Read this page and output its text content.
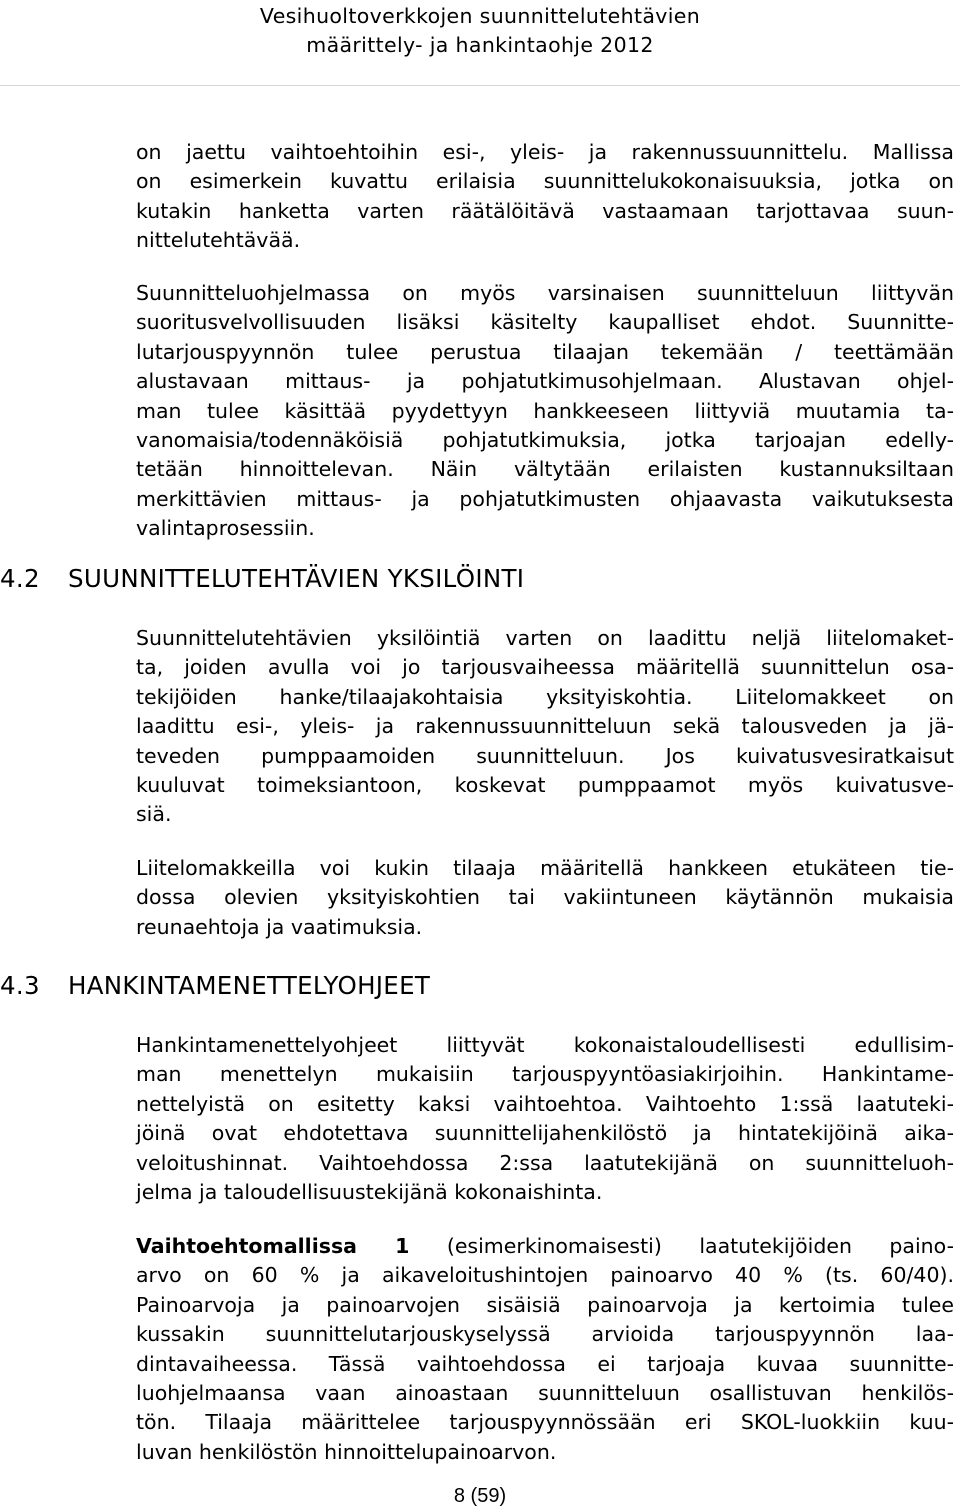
Vesihuoltoverkkojen suunnittelutehtävien
määrittely- ja hankintaohje 2012

on jaettu vaihtoehtoihin esi-, yleis- ja rakennussuunnittelu. Mallissa
on esimerkein kuvattu erilaisia suunnittelukokonaisuuksia, jotka on
kutakin hanketta varten räätälöitävä vastaamaan tarjottavaa suun-
nittelutehtävää.

Suunnitteluohjelmassa on myös varsinaisen suunnitteluun liittyvän
suoritusvelvollisuuden lisäksi käsitelty kaupalliset ehdot. Suunnitte-
lutarjouspyynnön tulee perustua tilaajan tekemään / teettämään
alustavaan mittaus- ja pohjatutkimusohjelmaan. Alustavan ohjel-
man tulee käsittää pyydettyyn hankkeeseen liittyviä muutamia ta-
vanomaisia/todennäköisiä pohjatutkimuksia, jotka tarjoajan edelly-
tetään hinnoittelevan. Näin vältytään erilaisten kustannuksiltaan
merkittävien mittaus- ja pohjatutkimusten ohjaavasta vaikutuksesta
valintaprosessiin.

4.2	SUUNNITTELUTEHTÄVIEN YKSILÖINTI

Suunnittelutehtävien yksilöintiä varten on laadittu neljä liitelomaket-
ta, joiden avulla voi jo tarjousvaiheessa määritellä suunnittelun osa-
tekijöiden hanke/tilaajakohtaisia yksityiskohtia. Liitelomakkeet on
laadittu esi-, yleis- ja rakennussuunnitteluun sekä talousveden ja jä-
teveden pumppaamoiden suunnitteluun. Jos kuivatusvesiratkaisut
kuuluvat toimeksiantoon, koskevat pumppaamot myös kuivatusve-
siä.

Liitelomakkeilla voi kukin tilaaja määritellä hankkeen etukäteen tie-
dossa olevien yksityiskohtien tai vakiintuneen käytännön mukaisia
reunaehtoja ja vaatimuksia.

4.3 HANKINTAMENETTELYOHJEET

Hankintamenettelyohjeet liittyvät kokonaistaloudellisesti edullisim-
man menettelyn mukaisiin tarjouspyyntöasiakirjoihin. Hankintame-
nettelyistä on esitetty kaksi vaihtoehtoa. Vaihtoehto 1:ssä laatuteki-
jöinä ovat ehdotettava suunnittelijahenkilöstö ja hintatekijöinä aika-
veloitushinnat. Vaihtoehdossa 2:ssa laatutekijänä on suunnitteluoh-
jelma ja taloudellisuustekijänä kokonaishinta.

Vaihtoehtomallissa 1 (esimerkinomaisesti) laatutekijöiden paino-
arvo on 60 % ja aikaveloitushintojen painoarvo 40 % (ts. 60/40).
Painoarvoja ja painoarvojen sisäisiä painoarvoja ja kertoimia tulee
kussakin suunnittelutarjouskyselyssä arvioida tarjouspyynnön laa-
dintavaiheessa. Tässä vaihtoehdossa ei tarjoaja kuvaa suunnitte-
luohjelmaansa vaan ainoastaan suunnitteluun osallistuvan henkilös-
tön. Tilaaja määrittelee tarjouspyynnössään eri SKOL-luokkiin kuu-
luvan henkilöstön hinnoittelupainoarvon.

8 (59)
